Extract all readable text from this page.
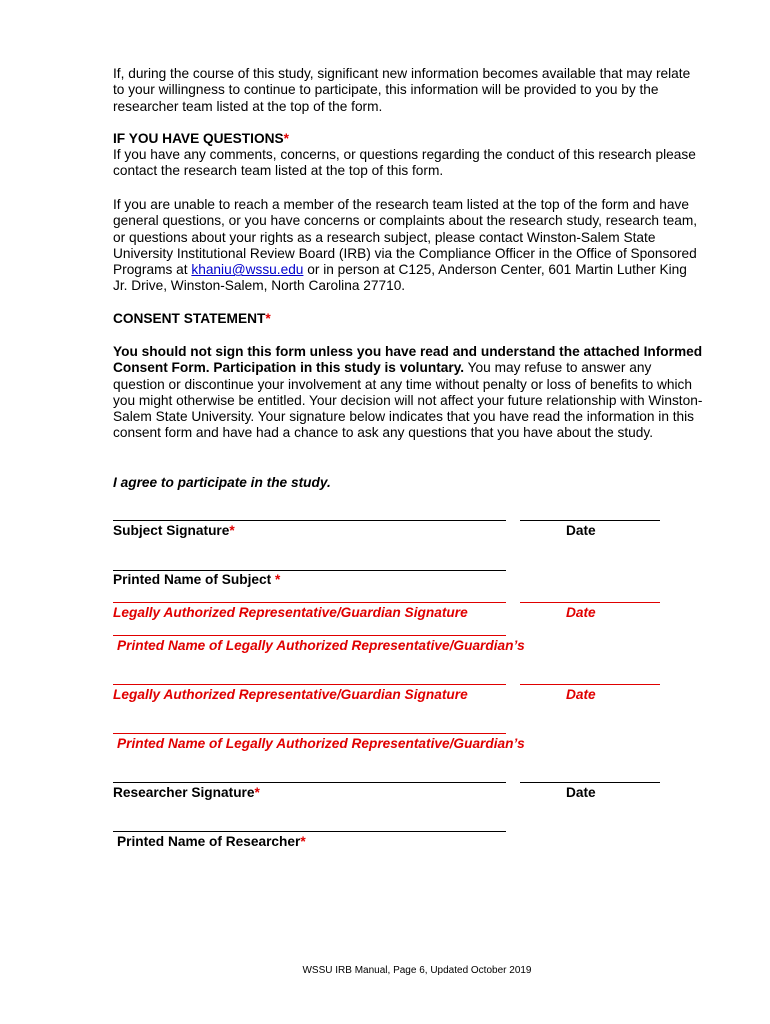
If, during the course of this study, significant new information becomes available that may relate to your willingness to continue to participate, this information will be provided to you by the researcher team listed at the top of the form.

IF YOU HAVE QUESTIONS*

If you have any comments, concerns, or questions regarding the conduct of this research please contact the research team listed at the top of this form.

If you are unable to reach a member of the research team listed at the top of the form and have general questions, or you have concerns or complaints about the research study, research team, or questions about your rights as a research subject, please contact Winston-Salem State University Institutional Review Board (IRB) via the Compliance Officer in the Office of Sponsored Programs at khaniu@wssu.edu or in person at C125, Anderson Center, 601 Martin Luther King Jr. Drive, Winston-Salem, North Carolina 27710.

CONSENT STATEMENT*

You should not sign this form unless you have read and understand the attached Informed Consent Form. Participation in this study is voluntary. You may refuse to answer any question or discontinue your involvement at any time without penalty or loss of benefits to which you might otherwise be entitled. Your decision will not affect your future relationship with Winston-Salem State University. Your signature below indicates that you have read the information in this consent form and have had a chance to ask any questions that you have about the study.

I agree to participate in the study.
Subject Signature*	Date
Printed Name of Subject *
Legally Authorized Representative/Guardian Signature	Date
Printed Name of Legally Authorized Representative/Guardian’s
Legally Authorized Representative/Guardian Signature	Date
Printed Name of Legally Authorized Representative/Guardian’s
Researcher Signature*	Date
Printed Name of Researcher*
WSSU IRB Manual, Page 6, Updated October 2019
